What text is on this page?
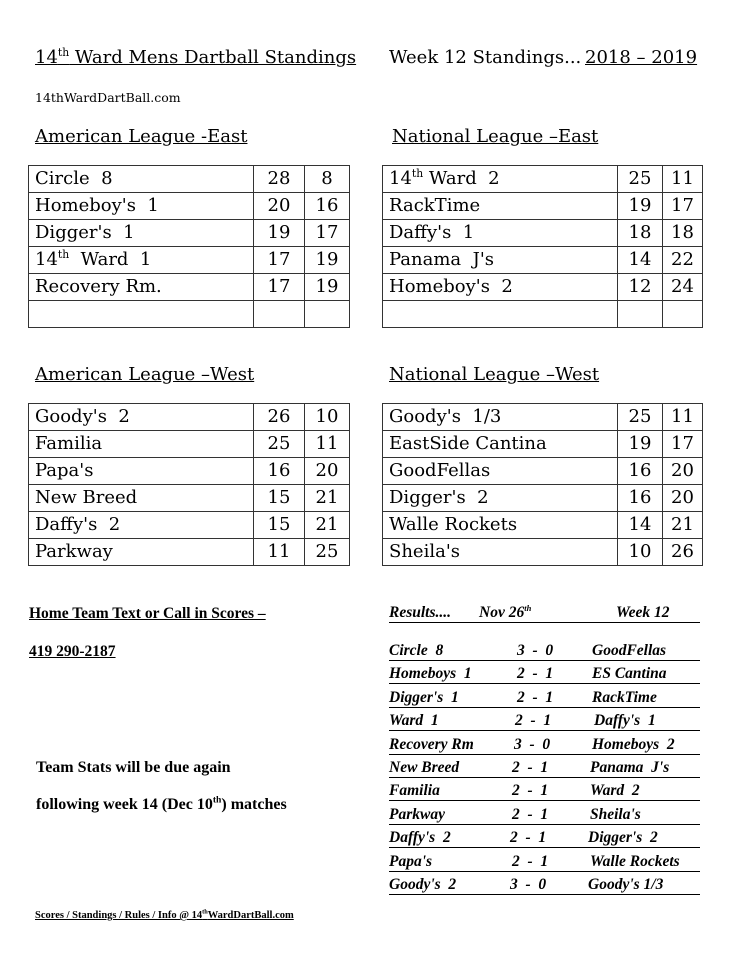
14th Ward Mens Dartball Standings Week 12 Standings... 2018 – 2019
14thWardDartBall.com
American League -East	National League –East
American League –West	National League –West
Circle  8	28	8
Homeboy's  1	20	16
Digger's  1	19	17
14th  Ward  1	17	19
Recovery Rm.	17	19

14th Ward  2	25	11
RackTime	19	17
Daffy's  1	18	18
Panama  J's	14	22
Homeboy's  2	12	24

Goody's  2	26	10
Familia	25	11
Papa's	16	20
New Breed	15	21
Daffy's  2	15	21
Parkway	11	25
Goody's  1/3	25	11
EastSide Cantina	19	17
GoodFellas	16	20
Digger's  2	16	20
Walle Rockets	14	21
Sheila's	10	26
Home Team Text or Call in Scores –
419 290-2187
Team Stats will be due again
following week 14 (Dec 10th) matches
Results.... Nov 26th	Week 12
Circle  8	3  -  0	GoodFellas
Homeboys  1	2  -  1	ES Cantina
Digger's  1	2  -  1	RackTime
Ward  1	2  -  1	Daffy's  1
Recovery Rm	3  -  0	Homeboys  2
New Breed	2  -  1	Panama  J's
Familia	2  -  1	Ward  2
Parkway	2  -  1	Sheila's
Daffy's  2	2  -  1	Digger's  2
Papa's	2  -  1	Walle Rockets
Goody's  2	3  -  0	Goody's 1/3
Scores / Standings / Rules / Info @ 14thWardDartBall.com
